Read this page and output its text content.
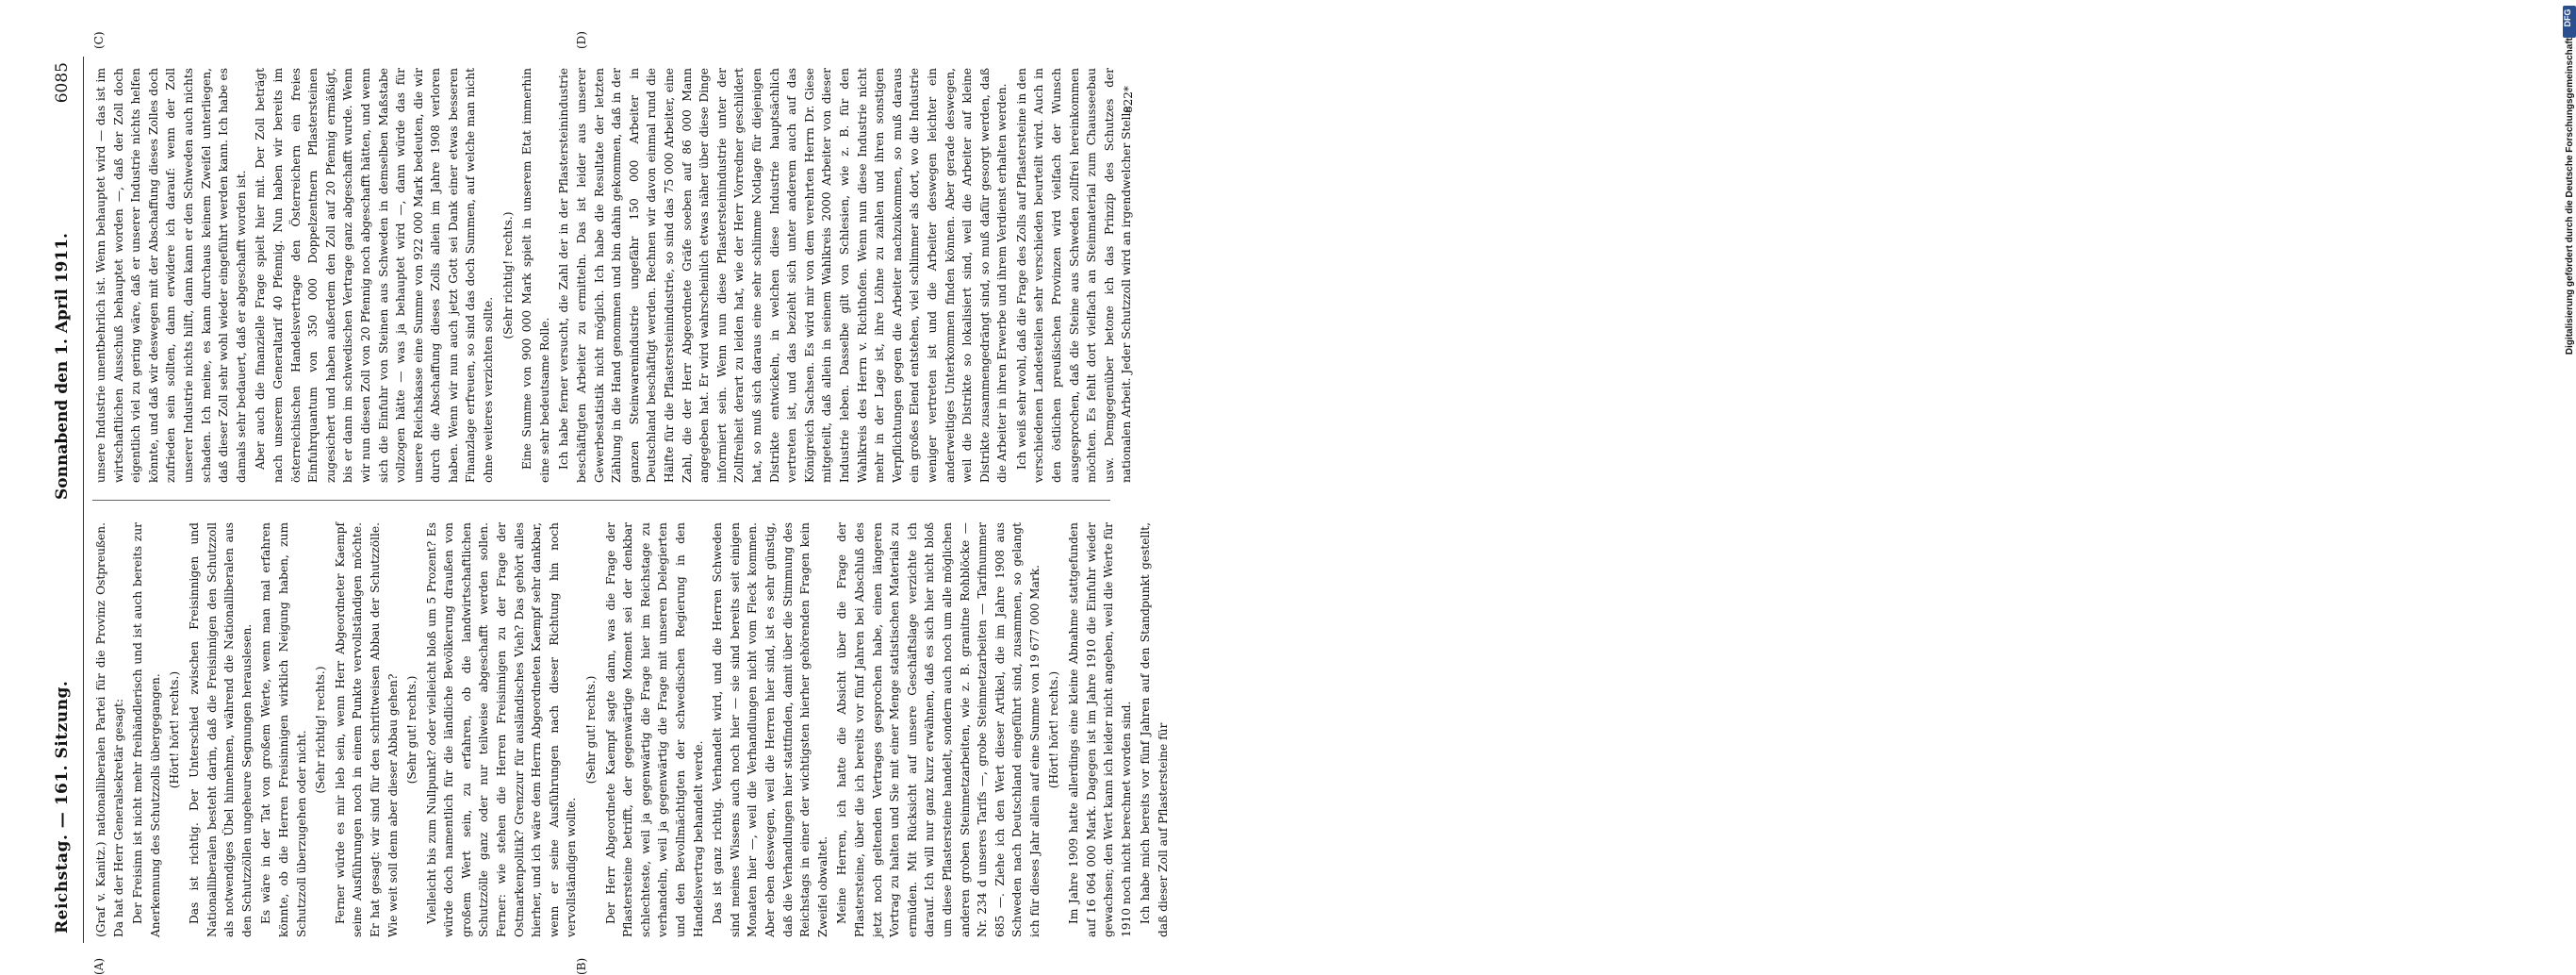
Reichstag. — 161. Sitzung.
Sonnabend den 1. April 1911.
6085
(A)	(B)
(C)	(D)

(Graf v. Kanitz.) nationalliberalen Partei für die Provinz Ostpreußen. Da hat der Herr Generalsekretär gesagt: Der Freisinn ist nicht mehr freihändlerisch und ist auch bereits zur Anerkennung des Schutzzolls übergegangen. (Hört! hört! rechts.) Das ist richtig. Der Unterschied zwischen Freisinnigen und Nationalliberalen besteht darin, daß die Freisinnigen den Schutzzoll als notwendiges Übel hinnehmen, während die Nationalliberalen aus den Schutzzöllen ungeheure Segnungen herauslesen. Es wäre in der Tat von großem Werte, wenn man mal erfahren könnte, ob die Herren Freisinnigen wirklich Neigung haben, zum Schutzzoll überzugehen oder nicht.

(Sehr richtig! rechts.) Ferner würde es mir lieb sein, wenn Herr Abgeordneter Kaempf seine Ausführungen noch in einem Punkte vervollständigen möchte. Er hat gesagt: wir sind für den schrittweisen Abbau der Schutzzölle. Wie weit soll denn aber dieser Abbau gehen? (Sehr gut! rechts.) Vielleicht bis zum Nullpunkt? oder vielleicht bloß um 5 Prozent? Es würde doch namentlich für die ländliche Bevölkerung draußen von großem Wert sein, zu erfahren, ob die landwirtschaftlichen Schutzzölle ganz oder nur teilweise abgeschafft werden sollen. Ferner: wie stehen die Herren Freisinnigen zu der Frage der Ostmarkenpolitik? Grenzzur für ausländisches Vieh? Das gehört alles hierher, und ich wäre dem Herrn Abgeordneten Kaempf sehr dankbar, wenn er seine Ausführungen nach dieser Richtung hin noch vervollständigen wollte.

(Sehr gut! rechts.) Der Herr Abgeordnete Kaempf sagte dann, was die Frage der Pflastersteine betrifft, der gegenwärtige Moment sei der denkbar schlechteste, weil ja gegenwärtig die Frage hier im Reichstage zu verhandeln, weil ja gegenwärtig die Frage mit unseren Delegierten und den Bevollmächtigten der schwedischen Regierung in den Handelsvertrag behandelt werde. Das ist ganz richtig. Verhandelt wird, und die Herren Schweden sind meines Wissens auch noch hier — sie sind bereits seit einigen Monaten hier —, weil die Verhandlungen nicht vom Fleck kommen. Aber eben deswegen, weil die Herren hier sind, ist es sehr günstig, daß die Verhandlungen hier stattfinden, damit über die Stimmung des Reichstags in einer der wichtigsten hierher gehörenden Fragen kein Zweifel obwaltet. Meine Herren, ich hatte die Absicht über die Frage der Pflastersteine, über die ich bereits vor fünf Jahren bei Abschluß des jetzt noch geltenden Vertrages gesprochen habe, einen längeren Vortrag zu halten und Sie mit einer Menge statistischen Materials zu ermüden. Mit Rücksicht auf unsere Geschäftslage verzichte ich darauf. Ich will nur ganz kurz erwähnen, daß es sich hier nicht bloß um diese Pflastersteine handelt, sondern auch noch um alle möglichen anderen groben Steinmetzarbeiten, wie z. B. granitne Rohblöcke — Nr. 234 d unseres Tarifs —, grobe Steinmetzarbeiten — Tarifnummer 685 —. Ziehe ich den Wert dieser Artikel, die im Jahre 1908 aus Schweden nach Deutschland eingeführt sind, zusammen, so gelangt ich für dieses Jahr allein auf eine Summe von 19 677 000 Mark. (Hört! hört! rechts.) Im Jahre 1909 hatte allerdings eine kleine Abnahme stattgefunden auf 16 064 000 Mark. Dagegen ist im Jahre 1910 die Einfuhr wieder gewachsen; den Wert kann ich leider nicht angeben, weil die Werte für 1910 noch nicht berechnet worden sind. Ich habe mich bereits vor fünf Jahren auf den Standpunkt gestellt, daß dieser Zoll auf Pflastersteine für

unsere Industrie unentbehrlich ist. Wenn behauptet wird — das ist im wirtschaftlichen Ausschuß behauptet worden —, daß der Zoll doch eigentlich viel zu gering wäre, daß er unserer Industrie nichts helfen könnte, und daß wir deswegen mit der Abschaffung dieses Zolles doch zufrieden sein sollten, dann erwidere ich darauf: wenn der Zoll unserer Industrie nichts hilft, dann kann er den Schweden auch nichts schaden. Ich meine, es kann durchaus keinem Zweifel unterliegen, daß dieser Zoll sehr wohl wieder eingeführt werden kann. Ich habe es damals sehr bedauert, daß er abgeschafft worden ist. Aber auch die finanzielle Frage spielt hier mit. Der Zoll beträgt nach unserem Generaltarif 40 Pfennig. Nun haben wir bereits im österreichischen Handelsvertrage den Österreichern ein freies Einfuhrquantum von 350 000 Doppelzentnern Pflastersteinen zugesichert und haben außerdem den Zoll auf 20 Pfennig ermäßigt, bis er dann im schwedischen Vertrage ganz abgeschafft wurde. Wenn wir nun diesen Zoll von 20 Pfennig noch abgeschafft hätten, und wenn sich die Einfuhr von Steinen aus Schweden in demselben Maßstabe vollzogen hätte — was ja behauptet wird —, dann würde das für unsere Reichskasse eine Summe von 922 000 Mark bedeuten, die wir durch die Abschaffung dieses Zolls allein im Jahre 1908 verloren haben. Wenn wir nun auch jetzt Gott sei Dank einer etwas besseren Finanzlage erfreuen, so sind das doch Summen, auf welche man nicht ohne weiteres verzichten sollte.

(Sehr richtig! rechts.) Eine Summe von 900 000 Mark spielt in unserem Etat immerhin eine sehr bedeutsame Rolle. Ich habe ferner versucht, die Zahl der in der Pflastersteinindustrie beschäftigten Arbeiter zu ermitteln. Das ist leider aus unserer Gewerbestatistik nicht möglich. Ich habe die Resultate der letzten Zählung in die Hand genommen und bin dahin gekommen, daß in der ganzen Steinwarenindustrie ungefähr 150 000 Arbeiter in Deutschland beschäftigt werden. Rechnen wir davon einmal rund die Hälfte für die Pflastersteinindustrie, so sind das 75 000 Arbeiter, eine Zahl, die der Herr Abgeordnete Gräfe soeben auf 86 000 Mann angegeben hat. Er wird wahrscheinlich etwas näher über diese Dinge informiert sein. Wenn nun diese Pflastersteinindustrie unter der Zollfreiheit derart zu leiden hat, wie der Herr Vorredner geschildert hat, so muß sich daraus eine sehr schlimme Notlage für diejenigen Distrikte entwickeln, in welchen diese Industrie hauptsächlich vertreten ist, und das bezieht sich unter anderem auch auf das Königreich Sachsen. Es wird mir von dem verehrten Herrn Dr. Giese mitgeteilt, daß allein in seinem Wahlkreis 2000 Arbeiter von dieser Industrie leben. Dasselbe gilt von Schlesien, wie z. B. für den Wahlkreis des Herrn v. Richthofen. Wenn nun diese Industrie nicht mehr in der Lage ist, ihre Löhne zu zahlen und ihren sonstigen Verpflichtungen gegen die Arbeiter nachzukommen, so muß daraus ein großes Elend entstehen, viel schlimmer als dort, wo die Industrie weniger vertreten ist und die Arbeiter deswegen leichter ein anderweitiges Unterkommen finden können. Aber gerade deswegen, weil die Distrikte so lokalisiert sind, weil die Arbeiter auf kleine Distrikte zusammengedrängt sind, so muß dafür gesorgt werden, daß die Arbeiter in ihren Erwerbe und ihrem Verdienst erhalten werden. Ich weiß sehr wohl, daß die Frage des Zolls auf Pflastersteine in den verschiedenen Landesteilen sehr verschieden beurteilt wird. Auch in den östlichen preußischen Provinzen wird vielfach der Wunsch ausgesprochen, daß die Steine aus Schweden zollfrei hereinkommen möchten. Es fehlt dort vielfach an Steinmaterial zum Chausseebau usw. Demgegenüber betone ich das Prinzip des Schutzes der nationalen Arbeit. Jeder Schutzzoll wird an irgendwelcher Stelle

822*
DFG
Digitalisierung gefördert durch die Deutsche Forschungsgemeinschaft
